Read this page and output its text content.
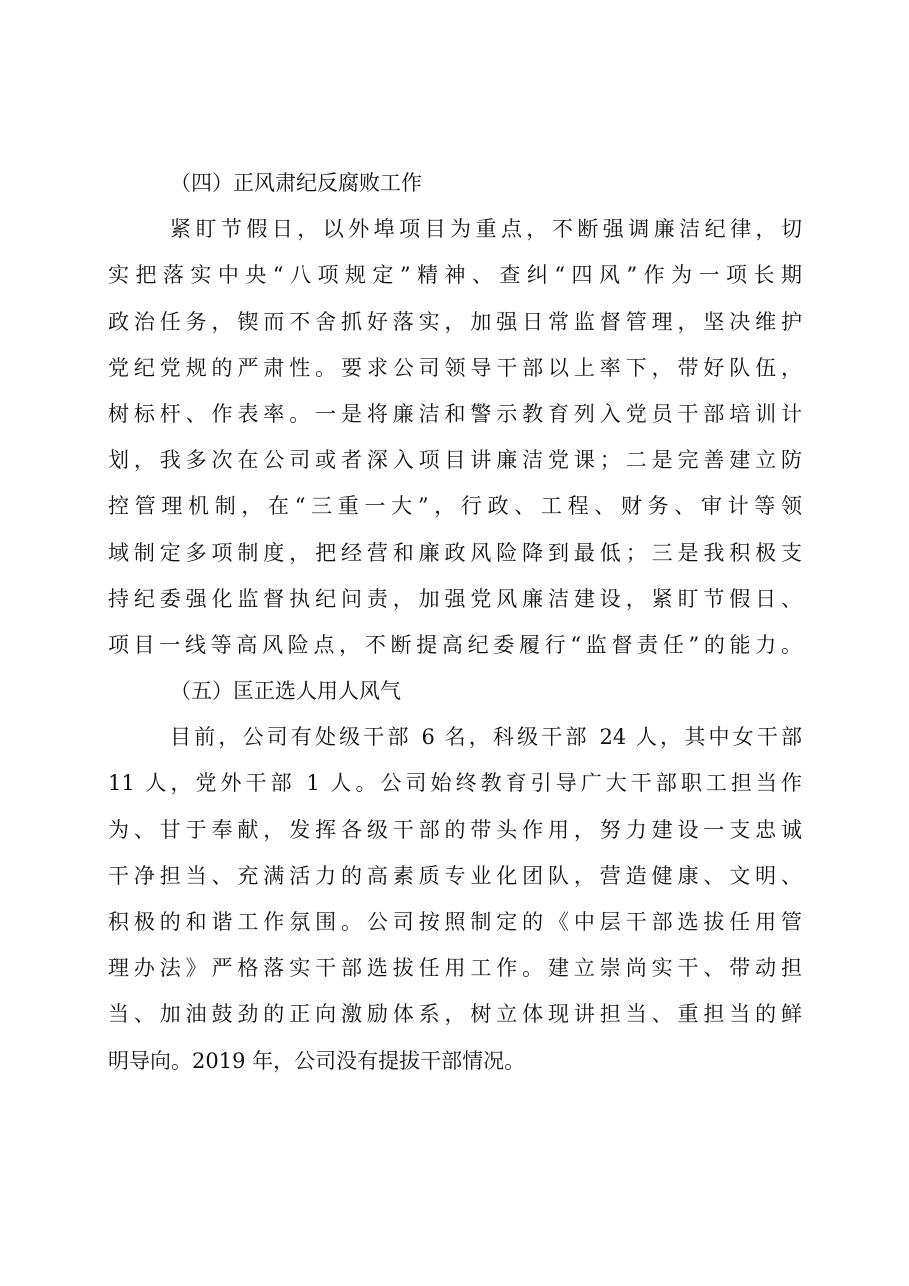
（四）正风肃纪反腐败工作
紧盯节假日，以外埠项目为重点，不断强调廉洁纪律，切
实把落实中央“八项规定”精神、查纠“四风”作为一项长期
政治任务，锲而不舍抓好落实，加强日常监督管理，坚决维护
党纪党规的严肃性。要求公司领导干部以上率下，带好队伍，
树标杆、作表率。一是将廉洁和警示教育列入党员干部培训计
划，我多次在公司或者深入项目讲廉洁党课；二是完善建立防
控管理机制，在“三重一大”，行政、工程、财务、审计等领
域制定多项制度，把经营和廉政风险降到最低；三是我积极支
持纪委强化监督执纪问责，加强党风廉洁建设，紧盯节假日、
项目一线等高风险点，不断提高纪委履行“监督责任”的能力。
（五）匡正选人用人风气
目前，公司有处级干部 6 名，科级干部 24 人，其中女干部
11 人，党外干部 1 人。公司始终教育引导广大干部职工担当作
为、甘于奉献，发挥各级干部的带头作用，努力建设一支忠诚
干净担当、充满活力的高素质专业化团队，营造健康、文明、
积极的和谐工作氛围。公司按照制定的《中层干部选拔任用管
理办法》严格落实干部选拔任用工作。建立崇尚实干、带动担
当、加油鼓劲的正向激励体系，树立体现讲担当、重担当的鲜
明导向。2019 年，公司没有提拔干部情况。
